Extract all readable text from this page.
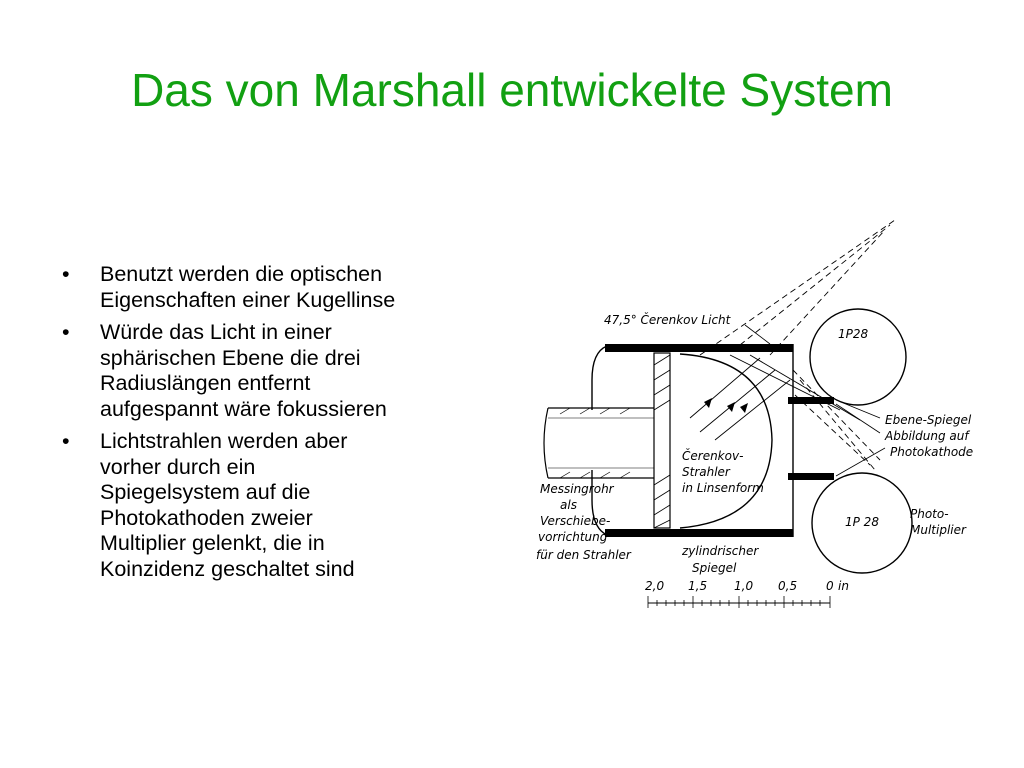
Das von Marshall entwickelte System
• Benutzt werden die optischen
Eigenschaften einer Kugellinse
• Würde das Licht in einer
sphärischen Ebene die drei
Radiuslängen entfernt
aufgespannt wäre fokussieren
• Lichtstrahlen werden aber
vorher durch ein
Spiegelsystem auf die
Photokathoden zweier
Multiplier gelenkt, die in
Koinzidenz geschaltet sind
47,5° Čerenkov Licht
1P28
1P 28
Ebene-Spiegel
Abbildung auf
Photokathode
Čerenkov-
Strahler
in Linsenform
Messingrohr
als
Verschiebe-
vorrichtung
für den Strahler	zylindrischer
Spiegel
Photo-
Multiplier
2,0 1,5 1,0 0,5 0 in
